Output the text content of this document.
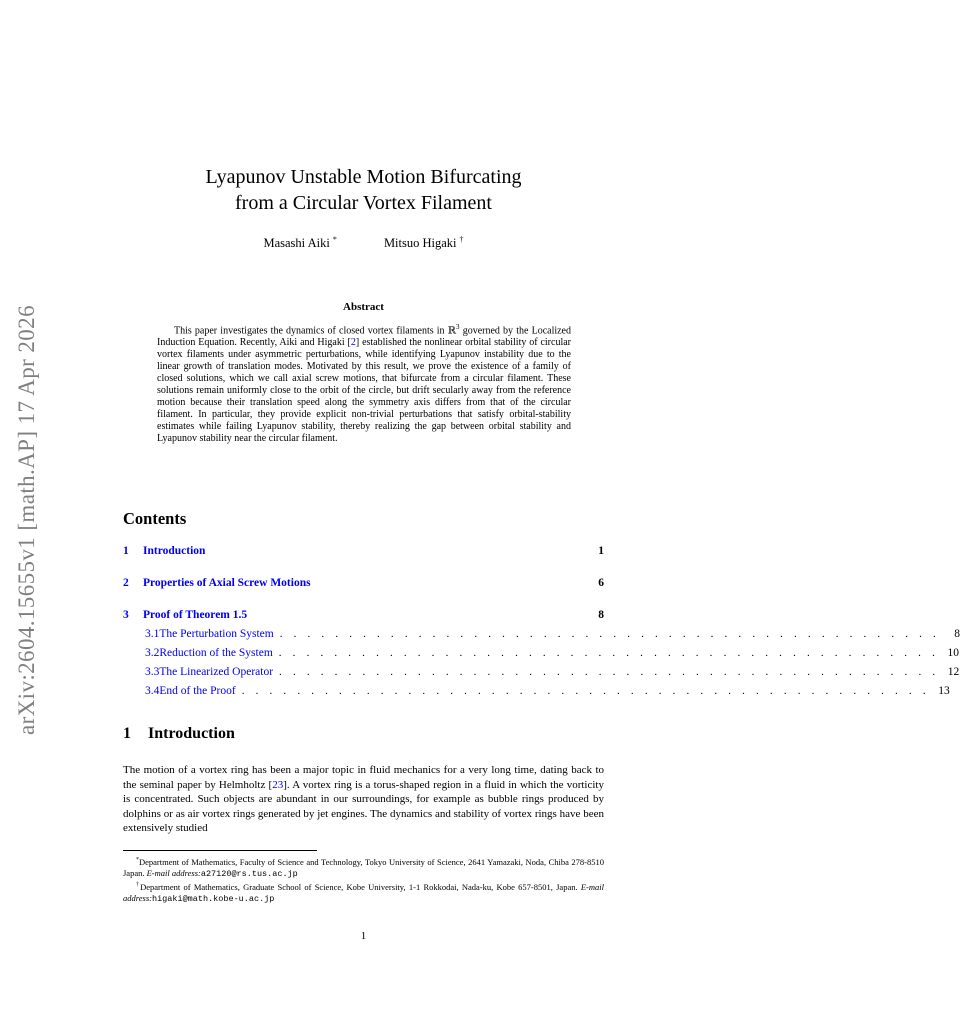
arXiv:2604.15655v1 [math.AP] 17 Apr 2026
Lyapunov Unstable Motion Bifurcating
from a Circular Vortex Filament
Masashi Aiki *	Mitsuo Higaki †
Abstract
This paper investigates the dynamics of closed vortex filaments in ℝ$^3$ governed by the Localized Induction Equation. Recently, Aiki and Higaki [2] established the nonlinear orbital stability of circular vortex filaments under asymmetric perturbations, while identifying Lyapunov instability due to the linear growth of translation modes. Motivated by this result, we prove the existence of a family of closed solutions, which we call axial screw motions, that bifurcate from a circular filament. These solutions remain uniformly close to the orbit of the circle, but drift secularly away from the reference motion because their translation speed along the symmetry axis differs from that of the circular filament. In particular, they provide explicit non-trivial perturbations that satisfy orbital-stability estimates while failing Lyapunov stability, thereby realizing the gap between orbital stability and Lyapunov stability near the circular filament.
Contents
1	Introduction	1
2	Properties of Axial Screw Motions	6
3	Proof of Theorem 1.5	8
3.1 The Perturbation System . . . . . . . . . . . . . . . . . . . . . . . . . . . . . . . . . . . . . . . . . . . . . . . .	8
3.2 Reduction of the System . . . . . . . . . . . . . . . . . . . . . . . . . . . . . . . . . . . . . . . . . . . . . . . . 10
3.3 The Linearized Operator . . . . . . . . . . . . . . . . . . . . . . . . . . . . . . . . . . . . . . . . . . . . . . . . 12
3.4 End of the Proof . . . . . . . . . . . . . . . . . . . . . . . . . . . . . . . . . . . . . . . . . . . . . . . . . . 13
1 Introduction
The motion of a vortex ring has been a major topic in fluid mechanics for a very long time, dating back to the seminal paper by Helmholtz [23]. A vortex ring is a torus-shaped region in a fluid in which the vorticity is concentrated. Such objects are abundant in our surroundings, for example as bubble rings produced by dolphins or as air vortex rings generated by jet engines. The dynamics and stability of vortex rings have been extensively studied

*Department of Mathematics, Faculty of Science and Technology, Tokyo University of Science, 2641 Yamazaki, Noda, Chiba 278-8510 Japan. E-mail address:a27120@rs.tus.ac.jp

†Department of Mathematics, Graduate School of Science, Kobe University, 1-1 Rokkodai, Nada-ku, Kobe 657-8501, Japan. E-mail address:higaki@math.kobe-u.ac.jp

1
